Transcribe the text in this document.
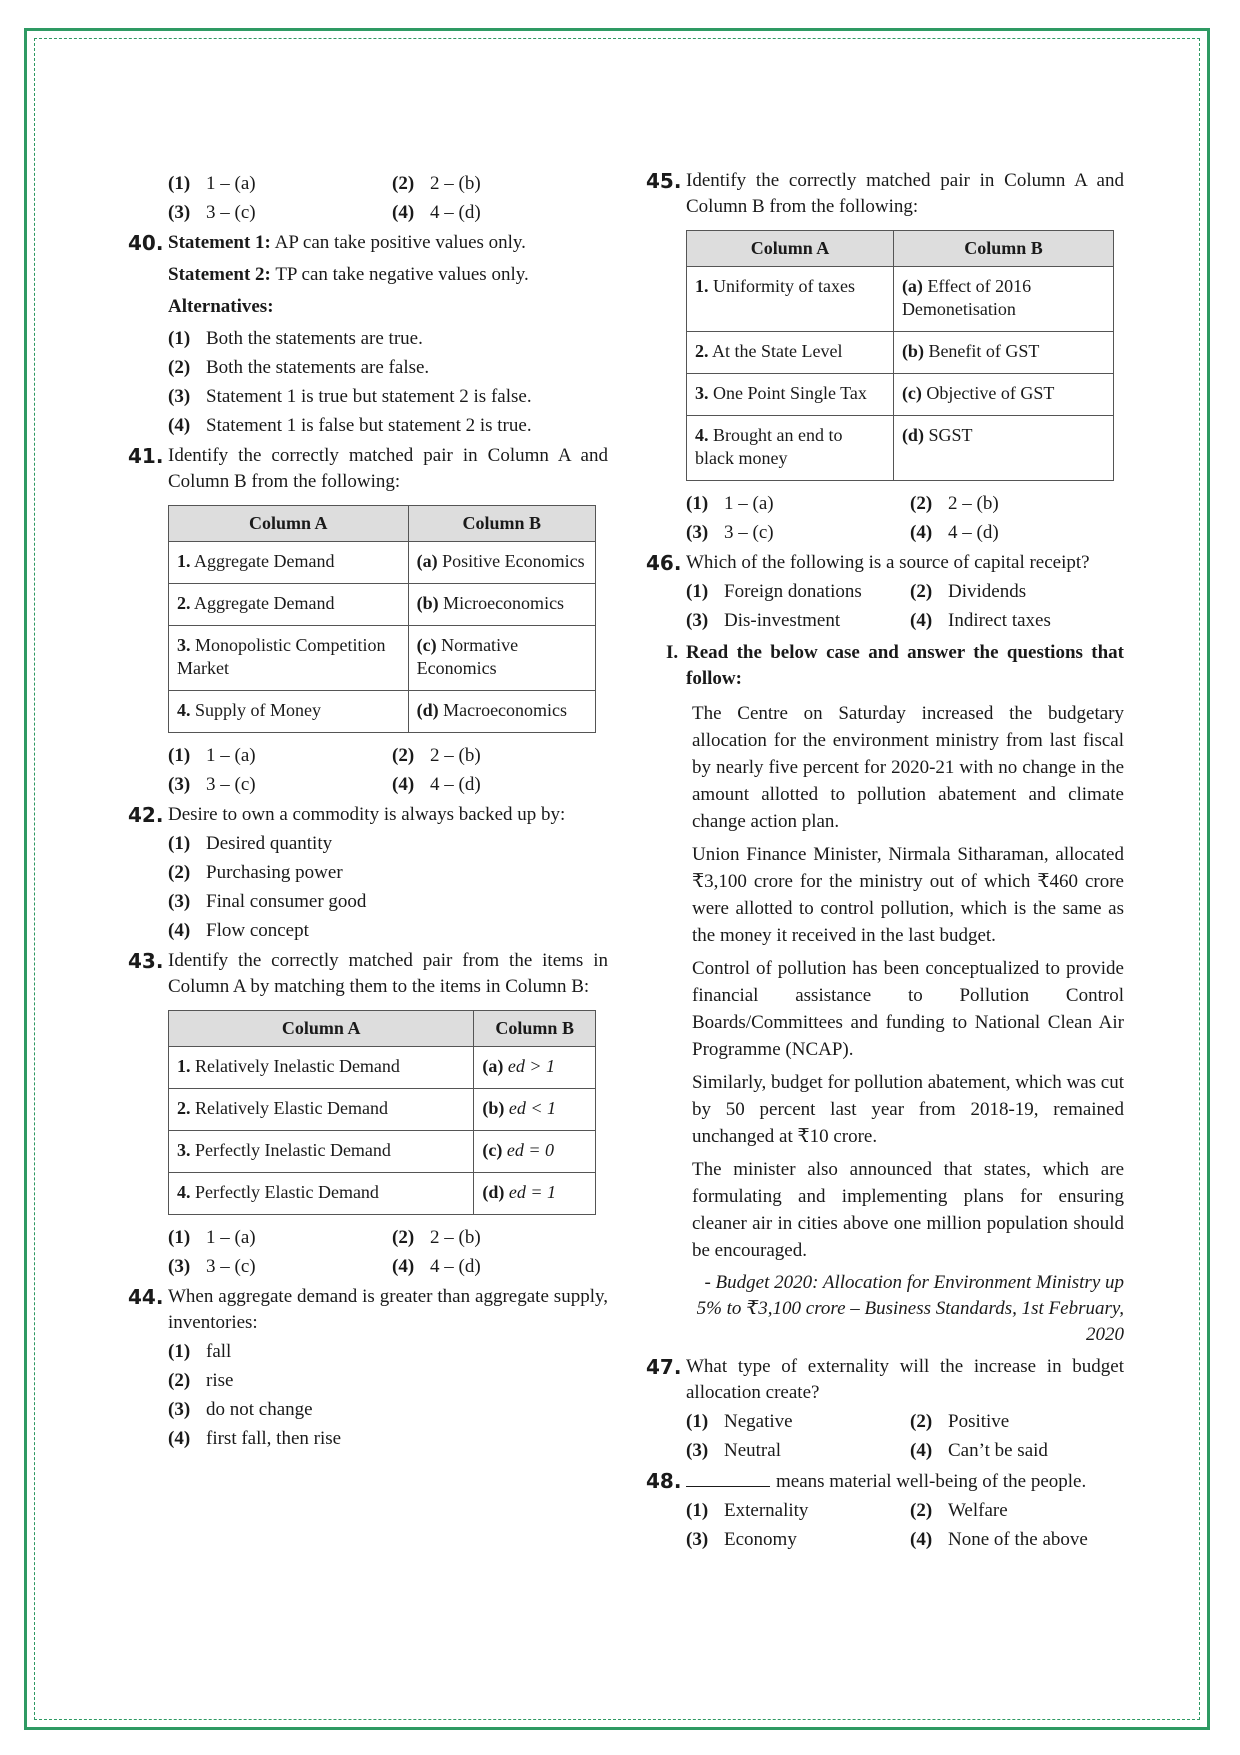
(1) 1 – (a)	(2) 2 – (b)
(3) 3 – (c)	(4) 4 – (d)
40. Statement 1: AP can take positive values only.
Statement 2: TP can take negative values only.
Alternatives:
(1) Both the statements are true.
(2) Both the statements are false.
(3) Statement 1 is true but statement 2 is false.
(4) Statement 1 is false but statement 2 is true.
41. Identify the correctly matched pair in Column A and Column B from the following:
Column A	Column B
1. Aggregate Demand	(a) Positive Economics
2. Aggregate Demand	(b) Microeconomics
3. Monopolistic Competition Market	(c) Normative Economics
4. Supply of Money	(d) Macroeconomics
(1) 1 – (a)	(2) 2 – (b)
(3) 3 – (c)	(4) 4 – (d)
42. Desire to own a commodity is always backed up by:
(1) Desired quantity
(2) Purchasing power
(3) Final consumer good
(4) Flow concept
43. Identify the correctly matched pair from the items in Column A by matching them to the items in Column B:
Column A	Column B
1. Relatively Inelastic Demand	(a) ed > 1
2. Relatively Elastic Demand	(b) ed < 1
3. Perfectly Inelastic Demand	(c) ed = 0
4. Perfectly Elastic Demand	(d) ed = 1
(1) 1 – (a)	(2) 2 – (b)
(3) 3 – (c)	(4) 4 – (d)
44. When aggregate demand is greater than aggregate supply, inventories:
(1) fall
(2) rise
(3) do not change
(4) first fall, then rise
45. Identify the correctly matched pair in Column A and Column B from the following:
Column A	Column B
1. Uniformity of taxes	(a) Effect of 2016 Demonetisation
2. At the State Level	(b) Benefit of GST
3. One Point Single Tax	(c) Objective of GST
4. Brought an end to black money	(d) SGST
(1) 1 – (a)	(2) 2 – (b)
(3) 3 – (c)	(4) 4 – (d)
46. Which of the following is a source of capital receipt?
(1) Foreign donations	(2) Dividends
(3) Dis-investment	(4) Indirect taxes
I. Read the below case and answer the questions that follow:
The Centre on Saturday increased the budgetary allocation for the environment ministry from last fiscal by nearly five percent for 2020-21 with no change in the amount allotted to pollution abatement and climate change action plan.
Union Finance Minister, Nirmala Sitharaman, allocated ₹3,100 crore for the ministry out of which ₹460 crore were allotted to control pollution, which is the same as the money it received in the last budget.
Control of pollution has been conceptualized to provide financial assistance to Pollution Control Boards/Committees and funding to National Clean Air Programme (NCAP).
Similarly, budget for pollution abatement, which was cut by 50 percent last year from 2018-19, remained unchanged at ₹10 crore.
The minister also announced that states, which are formulating and implementing plans for ensuring cleaner air in cities above one million population should be encouraged.
- Budget 2020: Allocation for Environment Ministry up 5% to ₹3,100 crore – Business Standards, 1st February, 2020
47. What type of externality will the increase in budget allocation create?
(1) Negative	(2) Positive
(3) Neutral	(4) Can’t be said
48.	means material well-being of the people.
(1) Externality	(2) Welfare
(3) Economy	(4) None of the above
